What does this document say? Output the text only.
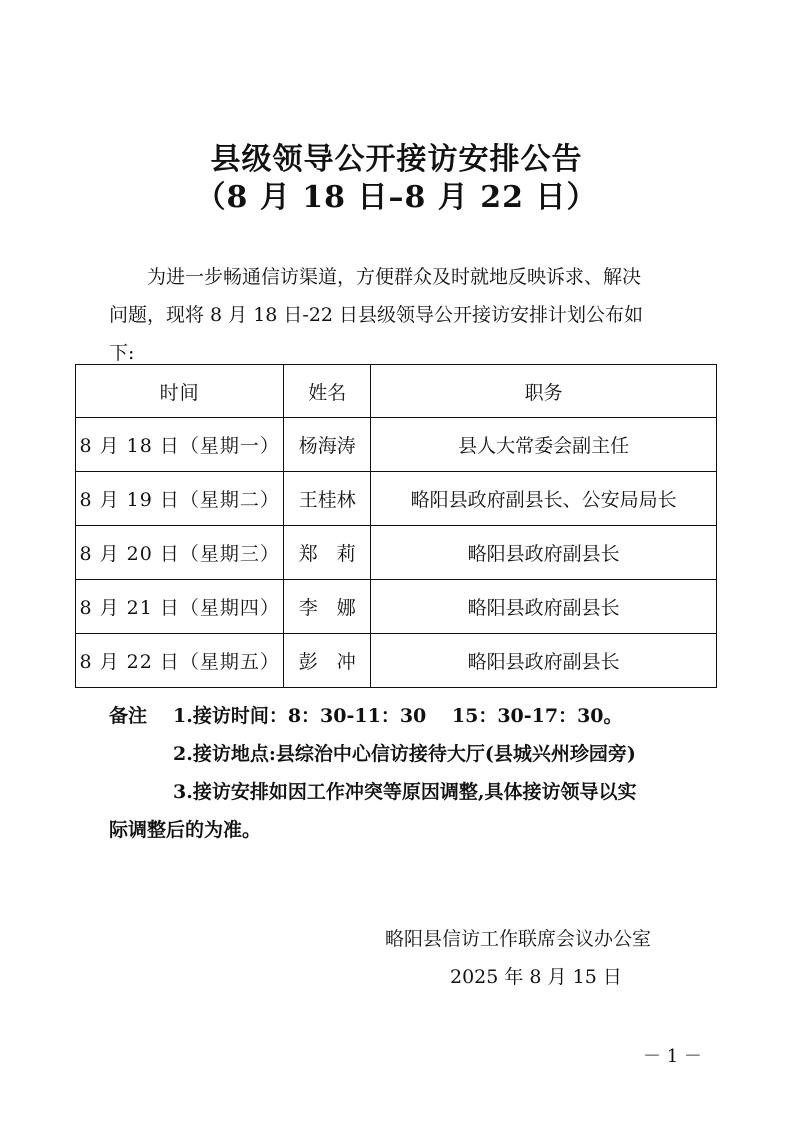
县级领导公开接访安排公告
（8 月 18 日–8 月 22 日）
为进一步畅通信访渠道，方便群众及时就地反映诉求、解决
问题，现将 8 月 18 日-22 日县级领导公开接访安排计划公布如
下:
时间	姓名	职务
8 月 18 日（星期一）	杨海涛	县人大常委会副主任
8 月 19 日（星期二）	王桂林	略阳县政府副县长、公安局局长
8 月 20 日（星期三）	郑　莉	略阳县政府副县长
8 月 21 日（星期四）	李　娜	略阳县政府副县长
8 月 22 日（星期五）	彭　冲	略阳县政府副县长
备注 1.接访时间：8：30-11：30　 15：30-17：30。
2.接访地点:县综治中心信访接待大厅(县城兴州珍园旁)
3.接访安排如因工作冲突等原因调整,具体接访领导以实
际调整后的为准。
略阳县信访工作联席会议办公室
2025 年 8 月 15 日
－ 1 －
